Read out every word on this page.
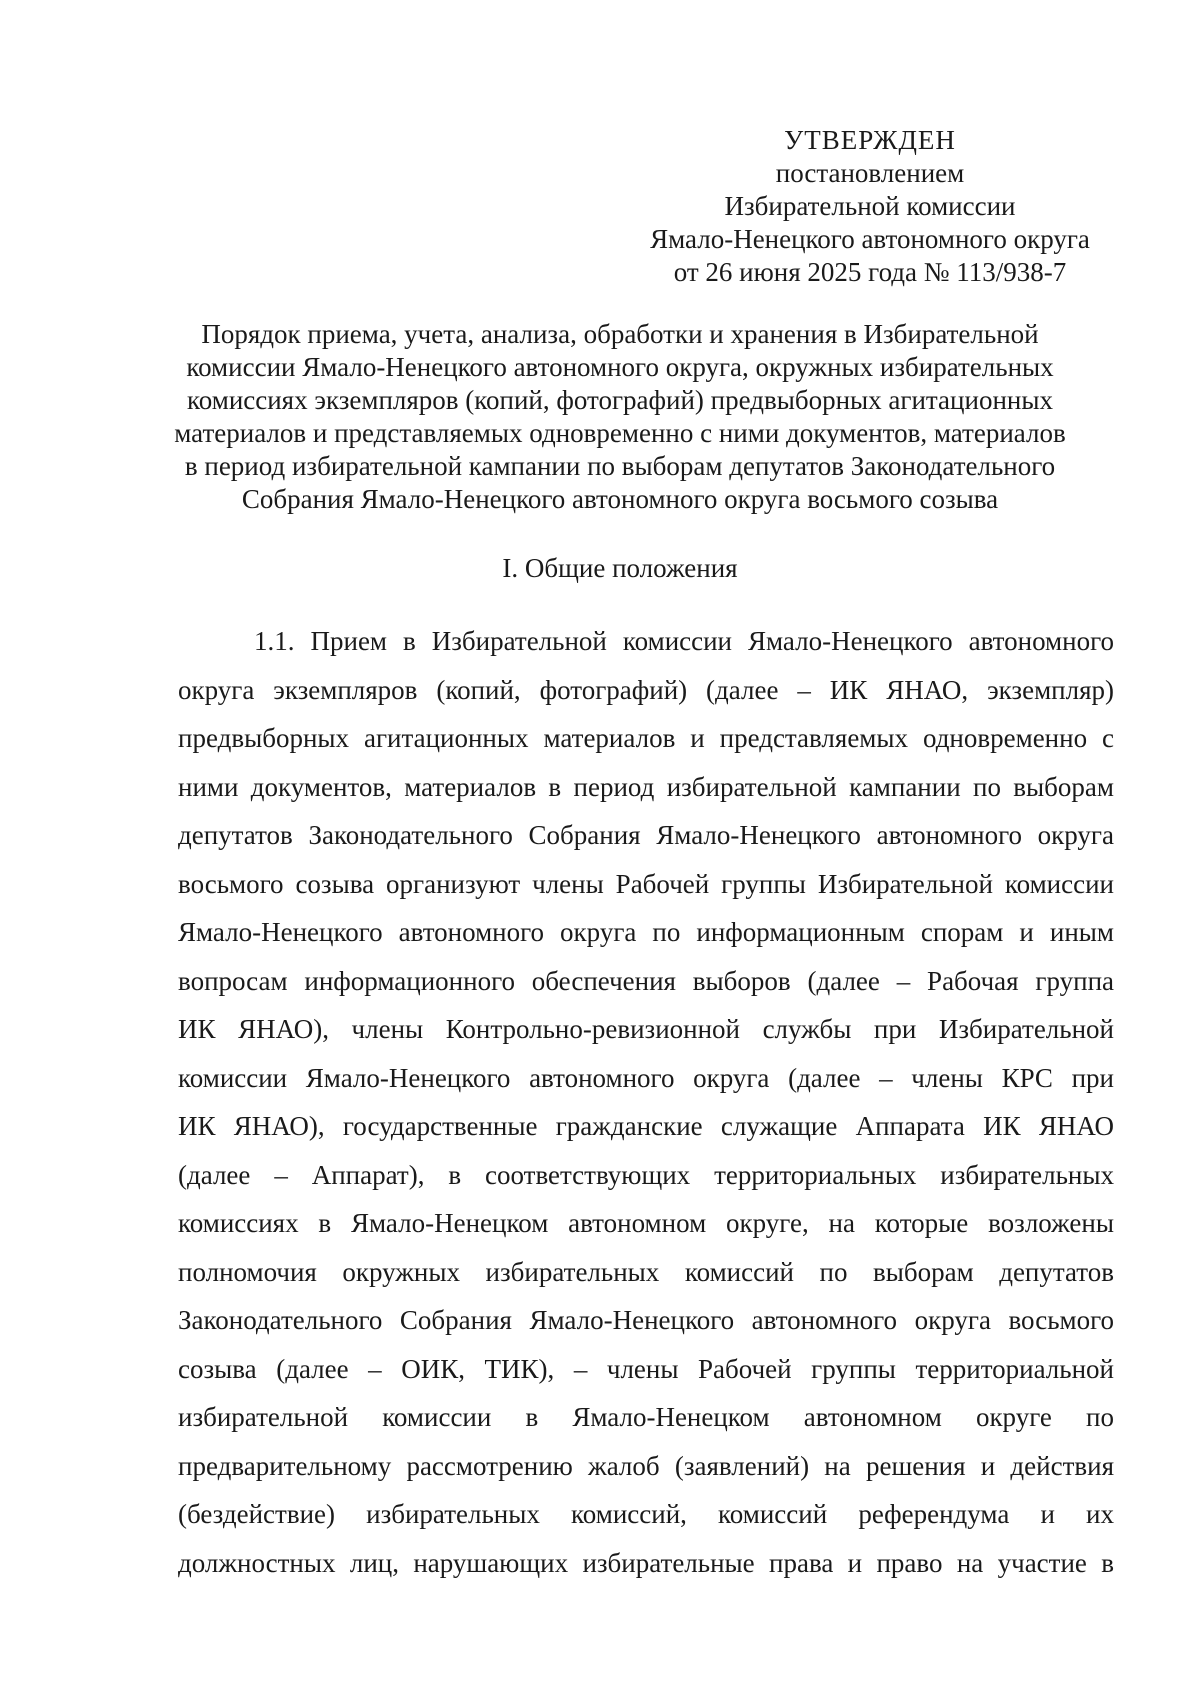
УТВЕРЖДЕН
постановлением
Избирательной комиссии
Ямало-Ненецкого автономного округа
от 26 июня 2025 года № 113/938-7
Порядок приема, учета, анализа, обработки и хранения в Избирательной
комиссии Ямало-Ненецкого автономного округа, окружных избирательных
комиссиях экземпляров (копий, фотографий) предвыборных агитационных
материалов и представляемых одновременно с ними документов, материалов
в период избирательной кампании по выборам депутатов Законодательного
Собрания Ямало-Ненецкого автономного округа восьмого созыва
I. Общие положения
1.1. Прием в Избирательной комиссии Ямало-Ненецкого автономного
округа экземпляров (копий, фотографий) (далее – ИК ЯНАО, экземпляр)
предвыборных агитационных материалов и представляемых одновременно с
ними документов, материалов в период избирательной кампании по выборам
депутатов Законодательного Собрания Ямало-Ненецкого автономного округа
восьмого созыва организуют члены Рабочей группы Избирательной комиссии
Ямало-Ненецкого автономного округа по информационным спорам и иным
вопросам информационного обеспечения выборов (далее – Рабочая группа
ИК ЯНАО), члены Контрольно-ревизионной службы при Избирательной
комиссии Ямало-Ненецкого автономного округа (далее – члены КРС при
ИК ЯНАО), государственные гражданские служащие Аппарата ИК ЯНАО
(далее – Аппарат), в соответствующих территориальных избирательных
комиссиях в Ямало-Ненецком автономном округе, на которые возложены
полномочия окружных избирательных комиссий по выборам депутатов
Законодательного Собрания Ямало-Ненецкого автономного округа восьмого
созыва (далее – ОИК, ТИК), – члены Рабочей группы территориальной
избирательной комиссии в Ямало-Ненецком автономном округе по
предварительному рассмотрению жалоб (заявлений) на решения и действия
(бездействие) избирательных комиссий, комиссий референдума и их
должностных лиц, нарушающих избирательные права и право на участие в
